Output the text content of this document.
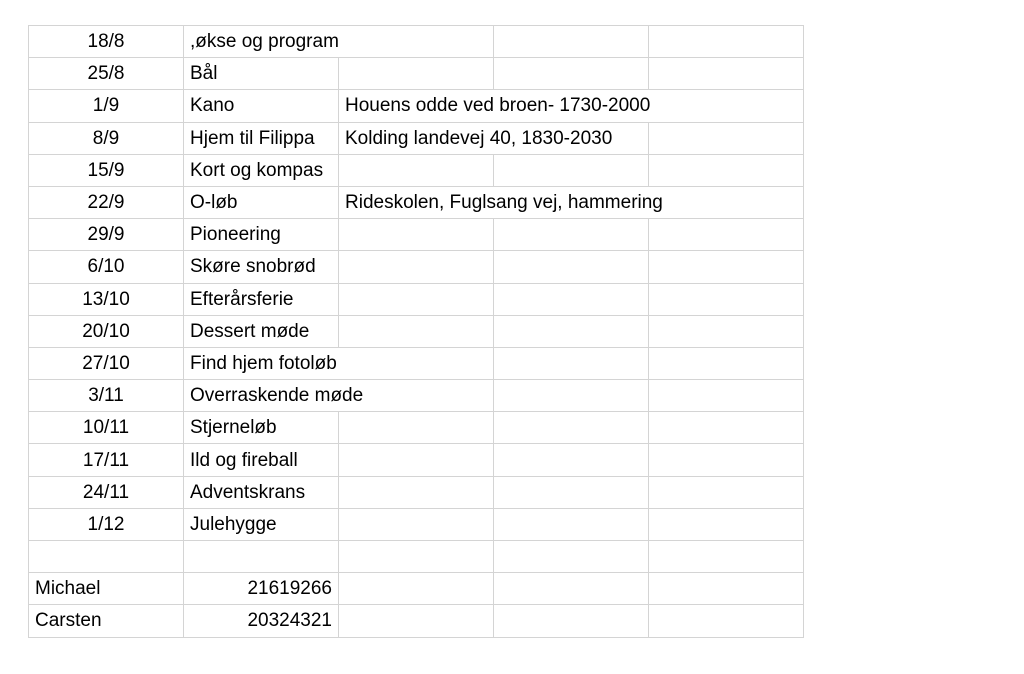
18/8	,økse og program			
25/8	Bål			
1/9	Kano	Houens odde ved broen- 1730-2000		
8/9	Hjem til Filippa	Kolding landevej 40, 1830-2030		
15/9	Kort og kompas			
22/9	O-løb	Rideskolen, Fuglsang vej, hammering		
29/9	Pioneering			
6/10	Skøre snobrød			
13/10	Efterårsferie			
20/10	Dessert møde			
27/10	Find hjem fotoløb			
3/11	Overraskende møde			
10/11	Stjerneløb			
17/11	Ild og fireball			
24/11	Adventskrans			
1/12	Julehygge			

Michael	21619266			
Carsten	20324321			
